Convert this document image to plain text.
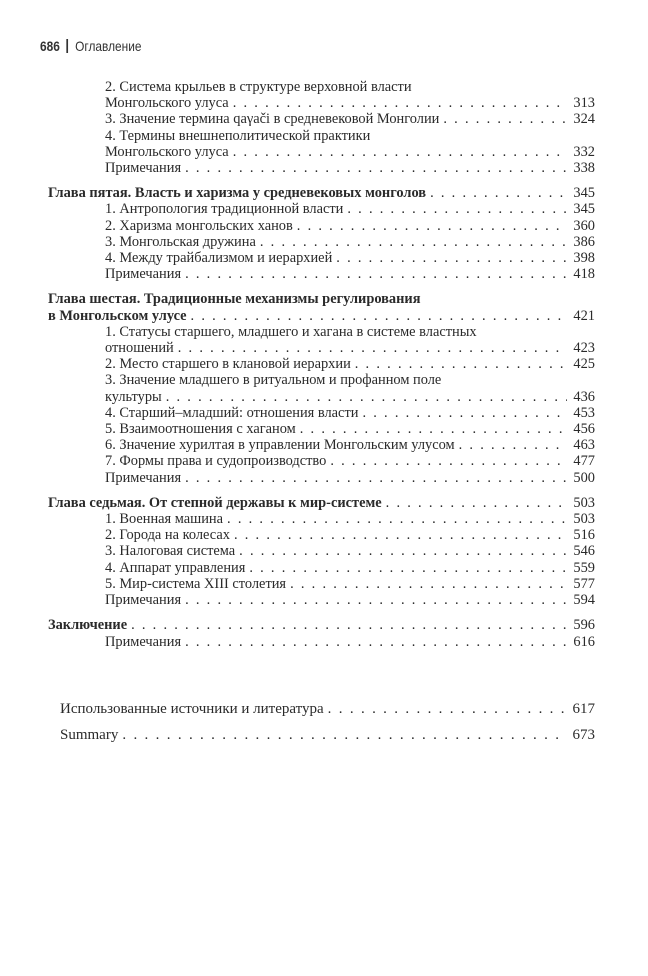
686 Оглавление
2. Система крыльев в структуре верховной власти
Монгольского улуса . . .	313
3. Значение термина qaγači в средневековой Монголии . . .	324
4. Термины внешнеполитической практики
Монгольского улуса . . .	332
Примечания . . .	338
Глава пятая. Власть и харизма у средневековых монголов . . .	345
1. Антропология традиционной власти . . .	345
2. Харизма монгольских ханов . . .	360
3. Монгольская дружина . . .	386
4. Между трайбализмом и иерархией . . .	398
Примечания . . .	418
Глава шестая. Традиционные механизмы регулирования
в Монгольском улусе . . .	421
1. Статусы старшего, младшего и хагана в системе властных
отношений . . .	423
2. Место старшего в клановой иерархии . . .	425
3. Значение младшего в ритуальном и профанном поле
культуры . . .	436
4. Старший–младший: отношения власти . . .	453
5. Взаимоотношения с хаганом . . .	456
6. Значение хурилтая в управлении Монгольским улусом . . .	463
7. Формы права и судопроизводство . . .	477
Примечания . . .	500
Глава седьмая. От степной державы к мир-системе . . .	503
1. Военная машина . . .	503
2. Города на колесах . . .	516
3. Налоговая система . . .	546
4. Аппарат управления . . .	559
5. Мир-система XIII столетия . . .	577
Примечания . . .	594
Заключение . . .	596
Примечания . . .	616
Использованные источники и литература . . .	617
Summary . . .	673
